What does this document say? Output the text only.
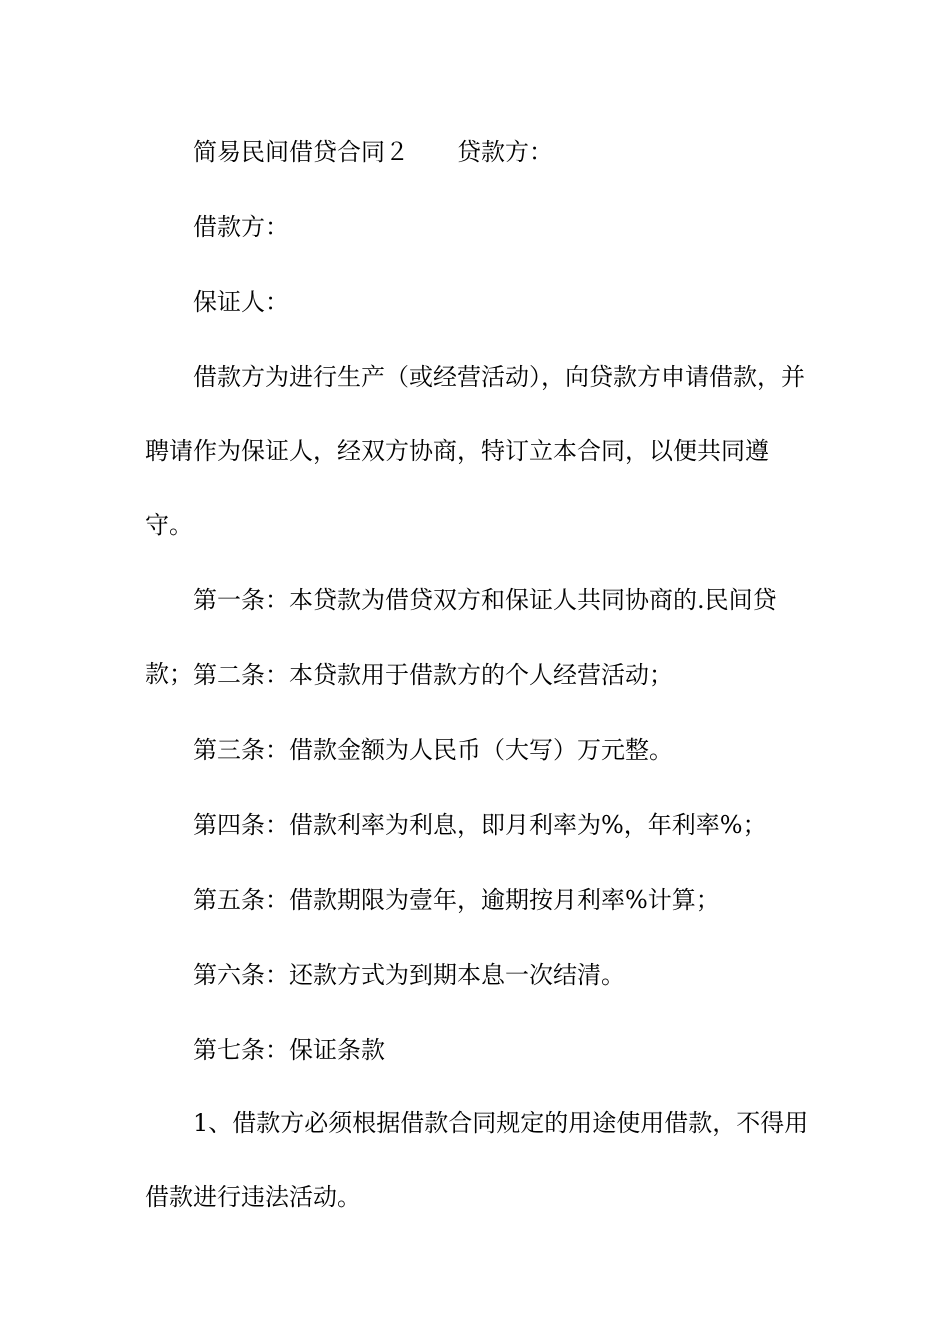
简易民间借贷合同２ 贷款方：

借款方：

保证人：

借款方为进行生产（或经营活动），向贷款方申请借款，并聘请作为保证人，经双方协商，特订立本合同，以便共同遵守。

第一条：本贷款为借贷双方和保证人共同协商的.民间贷款； 第二条：本贷款用于借款方的个人经营活动；

第三条：借款金额为人民币（大写）万元整。

第四条：借款利率为利息，即月利率为%，年利率%；

第五条：借款期限为壹年，逾期按月利率%计算；

第六条：还款方式为到期本息一次结清。

第七条：保证条款

1、借款方必须根据借款合同规定的用途使用借款，不得用借款进行违法活动。
